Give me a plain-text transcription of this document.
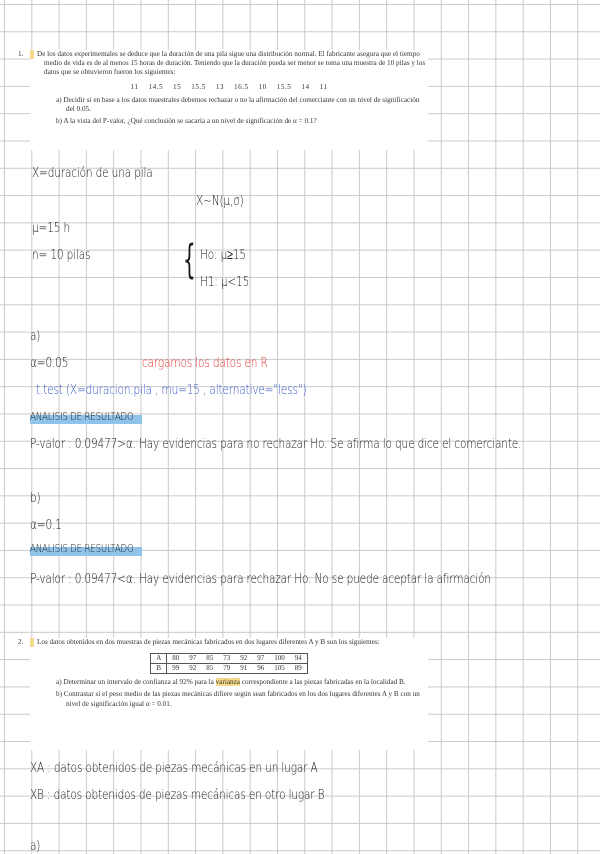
1. De los datos experimentales se deduce que la duración de una pila sigue una distribución normal. El fabricante asegura que el tiempo medio de vida es de al menos 15 horas de duración. Teniendo que la duración pueda ser menor se toma una muestra de 10 pilas y los datos que se obtuvieron fueron los siguientes:
11 14.5 15 15.5 13 16.5 10 15.5 14 11
a) Decidir si en base a los datos muestrales debemos rechazar o no la afirmación del comerciante con un nivel de significación del 0.05.
b) A la vista del P-valor, ¿Qué conclusión se sacaría a un nivel de significación de α = 0.1?
X=duración de una pila
X~N(μ,σ)
μ=15 h
n= 10 pilas { Ho: μ≥15
H1: μ<15
a)
α=0.05	cargamos los datos en R
t.test (X=duracion.pila , mu=15 , alternative="less")
ANALISIS DE RESULTADO
P-valor : 0.09477>α. Hay evidencias para no rechazar Ho. Se afirma lo que dice el comerciante.
b)
α=0.1
ANALISIS DE RESULTADO
P-valor : 0.09477<α. Hay evidencias para rechazar Ho. No se puede aceptar la afirmación
2. Los datos obtenidos en dos muestras de piezas mecánicas fabricados en dos lugares diferentes A y B son los siguientes:
A	80	97	85	73	92	97	100	94
B	99	92	85	79	91	96	105	89
a) Determinar un intervalo de confianza al 92% para la varianza correspondiente a las piezas fabricadas en la localidad B.
b) Contrastar si el peso medio de las piezas mecánicas difiere según sean fabricados en los dos lugares diferentes A y B con un nivel de significación igual α = 0.01.
XA : datos obtenidos de piezas mecánicas en un lugar A
XB : datos obtenidos de piezas mecánicas en otro lugar B
a)
